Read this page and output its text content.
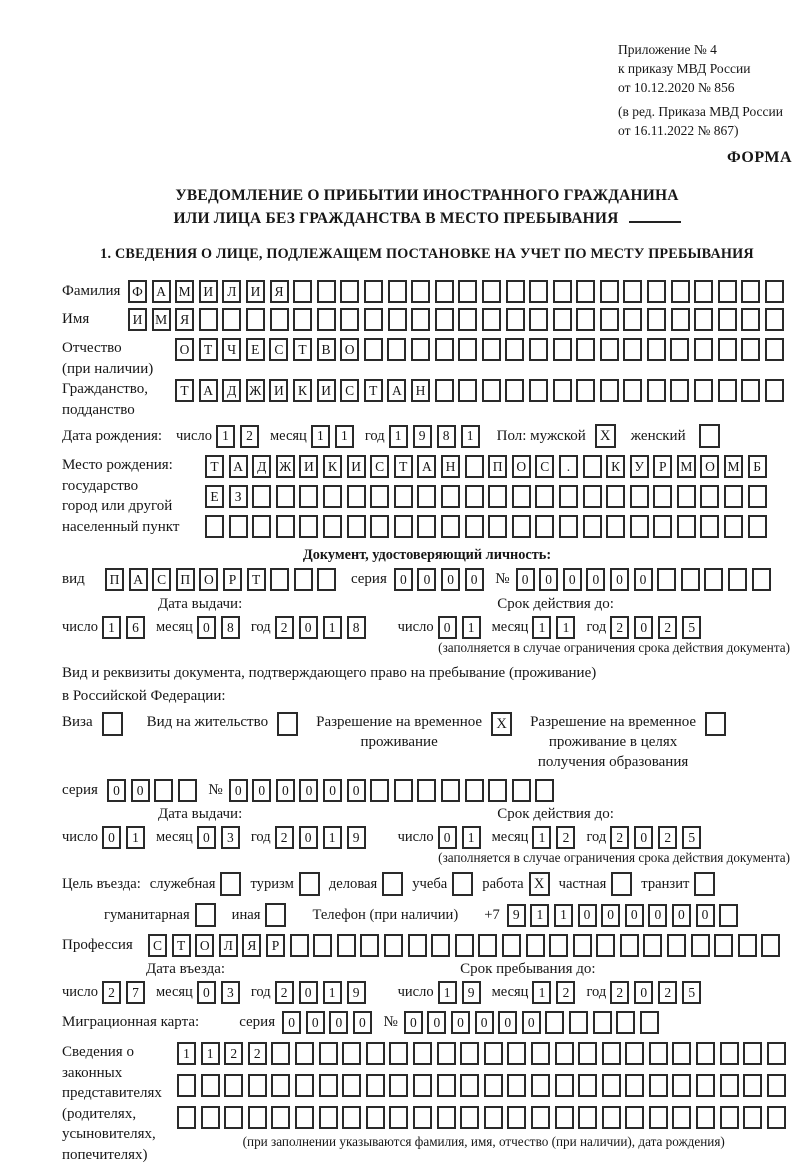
Приложение № 4
к приказу МВД России
от 10.12.2020 № 856
(в ред. Приказа МВД России
от 16.11.2022 № 867)
ФОРМА
УВЕДОМЛЕНИЕ О ПРИБЫТИИ ИНОСТРАННОГО ГРАЖДАНИНА
ИЛИ ЛИЦА БЕЗ ГРАЖДАНСТВА В МЕСТО ПРЕБЫВАНИЯ
1. СВЕДЕНИЯ О ЛИЦЕ, ПОДЛЕЖАЩЕМ ПОСТАНОВКЕ НА УЧЕТ ПО МЕСТУ ПРЕБЫВАНИЯ
Фамилия Ф А М И	Л	И	Я
Имя	И М Я
Отчество
(при наличии)
О	Т	Ч	Е	С	Т	В	О
Гражданство,
подданство
Т	А	Д Ж И	К	И	С	Т	А	Н
Дата рождения: число 1	2	месяц 1	1	год 1	9	8	1	Пол: мужской X	женский
Место рождения:
государство
город или другой
населенный пункт
Т	А	Д Ж И	К	И	С	Т	А	Н	П	О	С	.	К	У	Р	М О М	Б
Е	З
Документ, удостоверяющий личность:
вид	П	А	С	П	О	Р	Т	серия 0	0	0	0	№ 0	0	0	0	0	0
Дата выдачи:	Срок действия до:
число 1	6	месяц 0	8	год 2	0	1	8	число 0	1	месяц 1	1	год 2	0	2	5
(заполняется в случае ограничения срока действия документа)
Вид и реквизиты документа, подтверждающего право на пребывание (проживание)
в Российской Федерации:
Виза	Вид на жительство	Разрешение на временное
проживание
X	Разрешение на временное
проживание в целях
получения образования
серия	0	0	№ 0	0	0	0	0	0
Дата выдачи:	Срок действия до:
число 0	1	месяц 0	3	год 2	0	1	9	число 0	1	месяц 1	2	год 2	0	2	5
(заполняется в случае ограничения срока действия документа)
Цель въезда: служебная туризм деловая учеба работа X частная транзит
гуманитарная	иная	Телефон (при наличии) +7 9	1	1	0	0	0	0	0	0
Профессия	С	Т	О	Л	Я	Р
Дата въезда:	Срок пребывания до:
число 2	7	месяц 0	3	год 2	0	1	9	число 1	9	месяц 1	2	год 2	0	2	5
Миграционная карта:	серия 0	0	0	0	№ 0	0	0	0	0	0
Сведения о
законных
представителях
(родителях,
усыновителях,
попечителях)
1	1	2	2
(при заполнении указываются фамилия, имя, отчество (при наличии), дата рождения)
